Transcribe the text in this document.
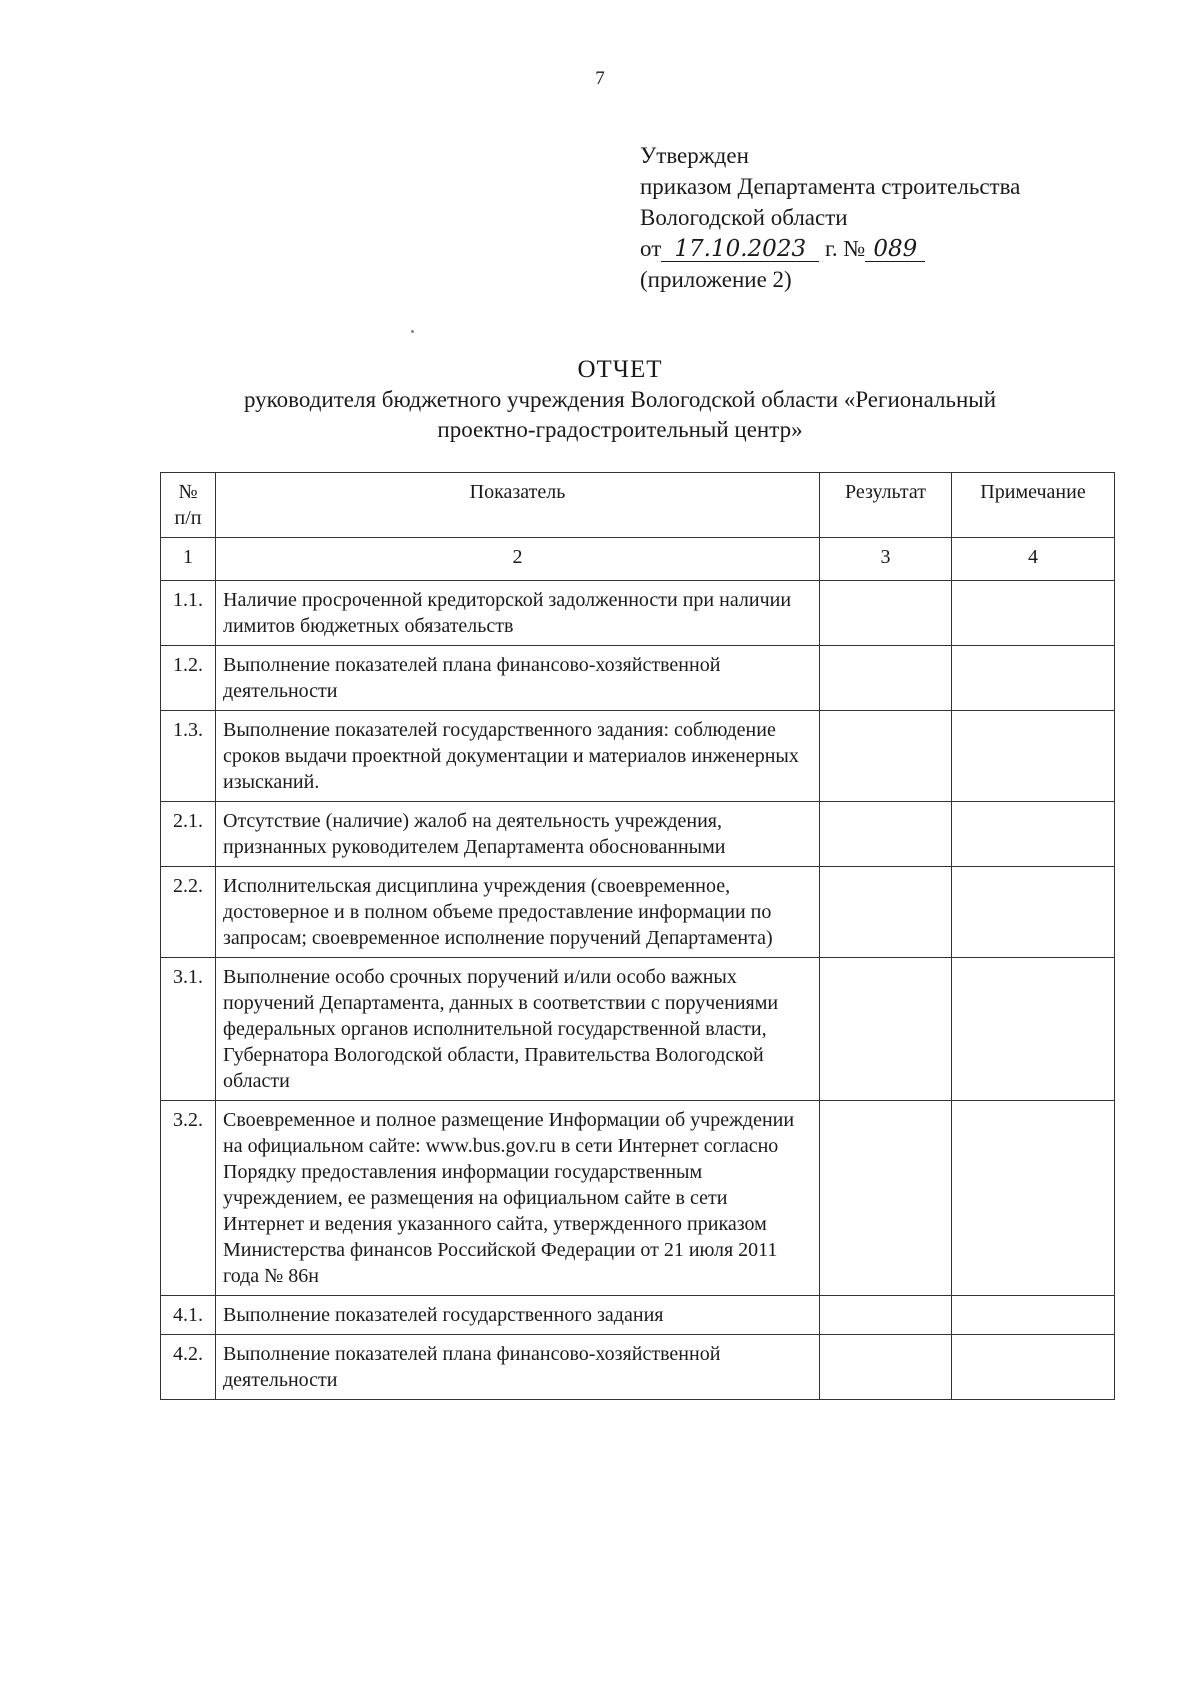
7
Утвержден
приказом Департамента строительства
Вологодской области
от 17.10.2023 г. № 089
(приложение 2)
ОТЧЕТ
руководителя бюджетного учреждения Вологодской области «Региональный
проектно-градостроительный центр»
№ п/п	Показатель	Результат	Примечание
1	2	3	4
1.1.	Наличие просроченной кредиторской задолженности при наличии лимитов бюджетных обязательств		
1.2.	Выполнение показателей плана финансово-хозяйственной деятельности		
1.3.	Выполнение показателей государственного задания: соблюдение сроков выдачи проектной документации и материалов инженерных изысканий.		
2.1.	Отсутствие (наличие) жалоб на деятельность учреждения, признанных руководителем Департамента обоснованными		
2.2.	Исполнительская дисциплина учреждения (своевременное, достоверное и в полном объеме предоставление информации по запросам; своевременное исполнение поручений Департамента)		
3.1.	Выполнение особо срочных поручений и/или особо важных поручений Департамента, данных в соответствии с поручениями федеральных органов исполнительной государственной власти, Губернатора Вологодской области, Правительства Вологодской области		
3.2.	Своевременное и полное размещение Информации об учреждении на официальном сайте: www.bus.gov.ru в сети Интернет согласно Порядку предоставления информации государственным учреждением, ее размещения на официальном сайте в сети Интернет и ведения указанного сайта, утвержденного приказом Министерства финансов Российской Федерации от 21 июля 2011 года № 86н		
4.1.	Выполнение показателей государственного задания		
4.2.	Выполнение показателей плана финансово-хозяйственной деятельности		
